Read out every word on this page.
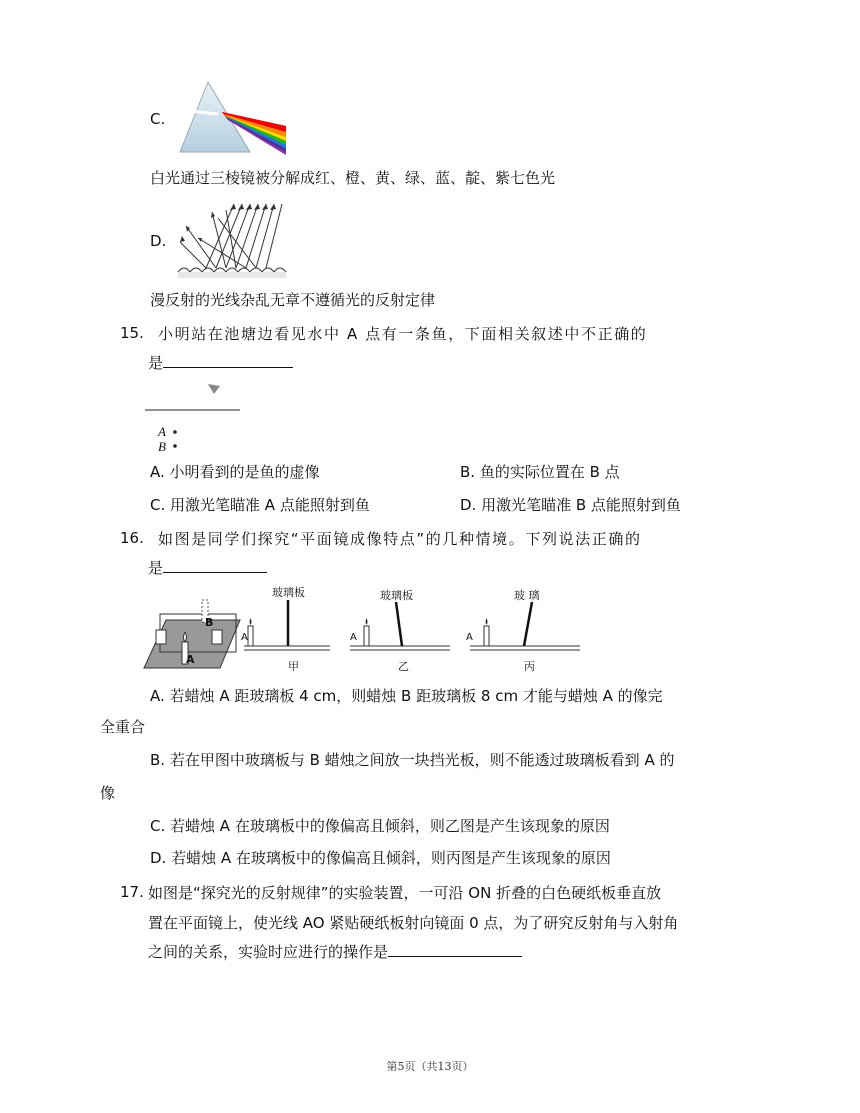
C.
白光通过三棱镜被分解成红、橙、黄、绿、蓝、靛、紫七色光
D.
漫反射的光线杂乱无章不遵循光的反射定律
15. 小明站在池塘边看见水中 A 点有一条鱼，下面相关叙述中不正确的
是
A
B
A. 小明看到的是鱼的虚像	B. 鱼的实际位置在 B 点
C. 用激光笔瞄准 A 点能照射到鱼	D. 用激光笔瞄准 B 点能照射到鱼
16. 如图是同学们探究“平面镜成像特点”的几种情境。下列说法正确的
是
B
A
玻璃板	玻璃板	玻 璃
A	A	A
甲	乙	丙
A. 若蜡烛 A 距玻璃板 4 cm，则蜡烛 B 距玻璃板 8 cm 才能与蜡烛 A 的像完
全重合
B. 若在甲图中玻璃板与 B 蜡烛之间放一块挡光板，则不能透过玻璃板看到 A 的
像
C. 若蜡烛 A 在玻璃板中的像偏高且倾斜，则乙图是产生该现象的原因
D. 若蜡烛 A 在玻璃板中的像偏高且倾斜，则丙图是产生该现象的原因
17. 如图是“探究光的反射规律”的实验装置，一可沿 ON 折叠的白色硬纸板垂直放
置在平面镜上，使光线 AO 紧贴硬纸板射向镜面 0 点，为了研究反射角与入射角
之间的关系，实验时应进行的操作是
第5页（共13页）
